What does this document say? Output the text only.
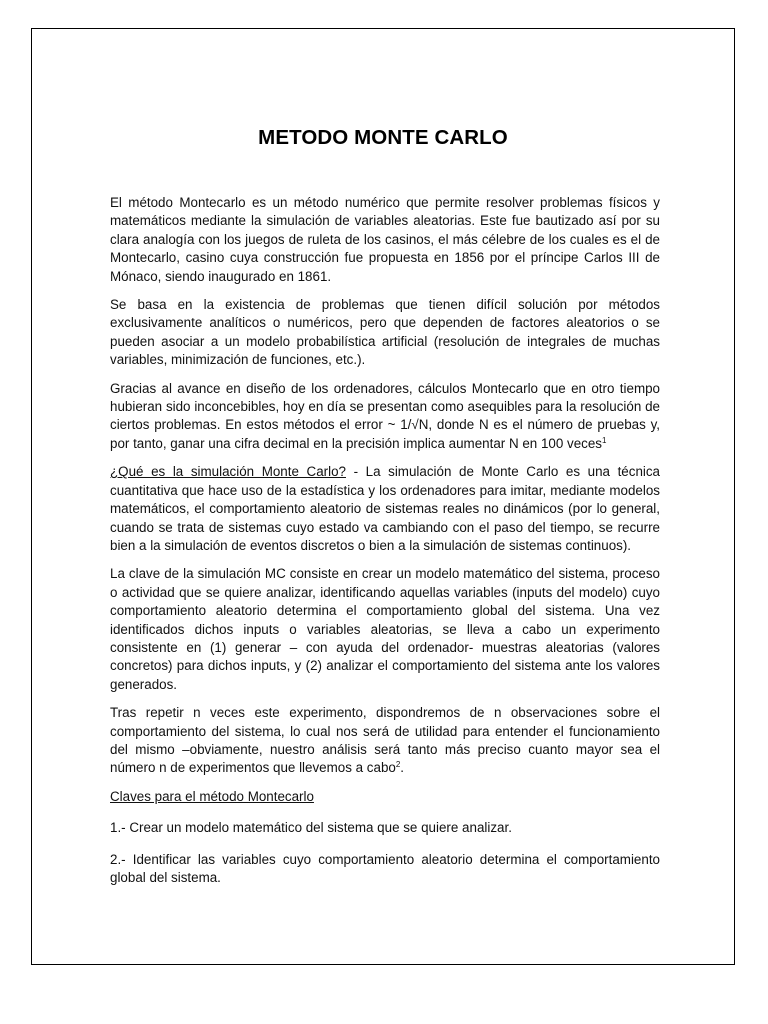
METODO MONTE CARLO

El método Montecarlo es un método numérico que permite resolver problemas físicos y matemáticos mediante la simulación de variables aleatorias. Este fue bautizado así por su clara analogía con los juegos de ruleta de los casinos, el más célebre de los cuales es el de Montecarlo, casino cuya construcción fue propuesta en 1856 por el príncipe Carlos III de Mónaco, siendo inaugurado en 1861.

Se basa en la existencia de problemas que tienen difícil solución por métodos exclusivamente analíticos o numéricos, pero que dependen de factores aleatorios o se pueden asociar a un modelo probabilística artificial (resolución de integrales de muchas variables, minimización de funciones, etc.).

Gracias al avance en diseño de los ordenadores, cálculos Montecarlo que en otro tiempo hubieran sido inconcebibles, hoy en día se presentan como asequibles para la resolución de ciertos problemas. En estos métodos el error ~ 1/√N, donde N es el número de pruebas y, por tanto, ganar una cifra decimal en la precisión implica aumentar N en 100 veces$^1$

¿Qué es la simulación Monte Carlo? - La simulación de Monte Carlo es una técnica cuantitativa que hace uso de la estadística y los ordenadores para imitar, mediante modelos matemáticos, el comportamiento aleatorio de sistemas reales no dinámicos (por lo general, cuando se trata de sistemas cuyo estado va cambiando con el paso del tiempo, se recurre bien a la simulación de eventos discretos o bien a la simulación de sistemas continuos).

La clave de la simulación MC consiste en crear un modelo matemático del sistema, proceso o actividad que se quiere analizar, identificando aquellas variables (inputs del modelo) cuyo comportamiento aleatorio determina el comportamiento global del sistema. Una vez identificados dichos inputs o variables aleatorias, se lleva a cabo un experimento consistente en (1) generar – con ayuda del ordenador- muestras aleatorias (valores concretos) para dichos inputs, y (2) analizar el comportamiento del sistema ante los valores generados.

Tras repetir n veces este experimento, dispondremos de n observaciones sobre el comportamiento del sistema, lo cual nos será de utilidad para entender el funcionamiento del mismo –obviamente, nuestro análisis será tanto más preciso cuanto mayor sea el número n de experimentos que llevemos a cabo$^2$.

Claves para el método Montecarlo

1.- Crear un modelo matemático del sistema que se quiere analizar.

2.- Identificar las variables cuyo comportamiento aleatorio determina el comportamiento global del sistema.
